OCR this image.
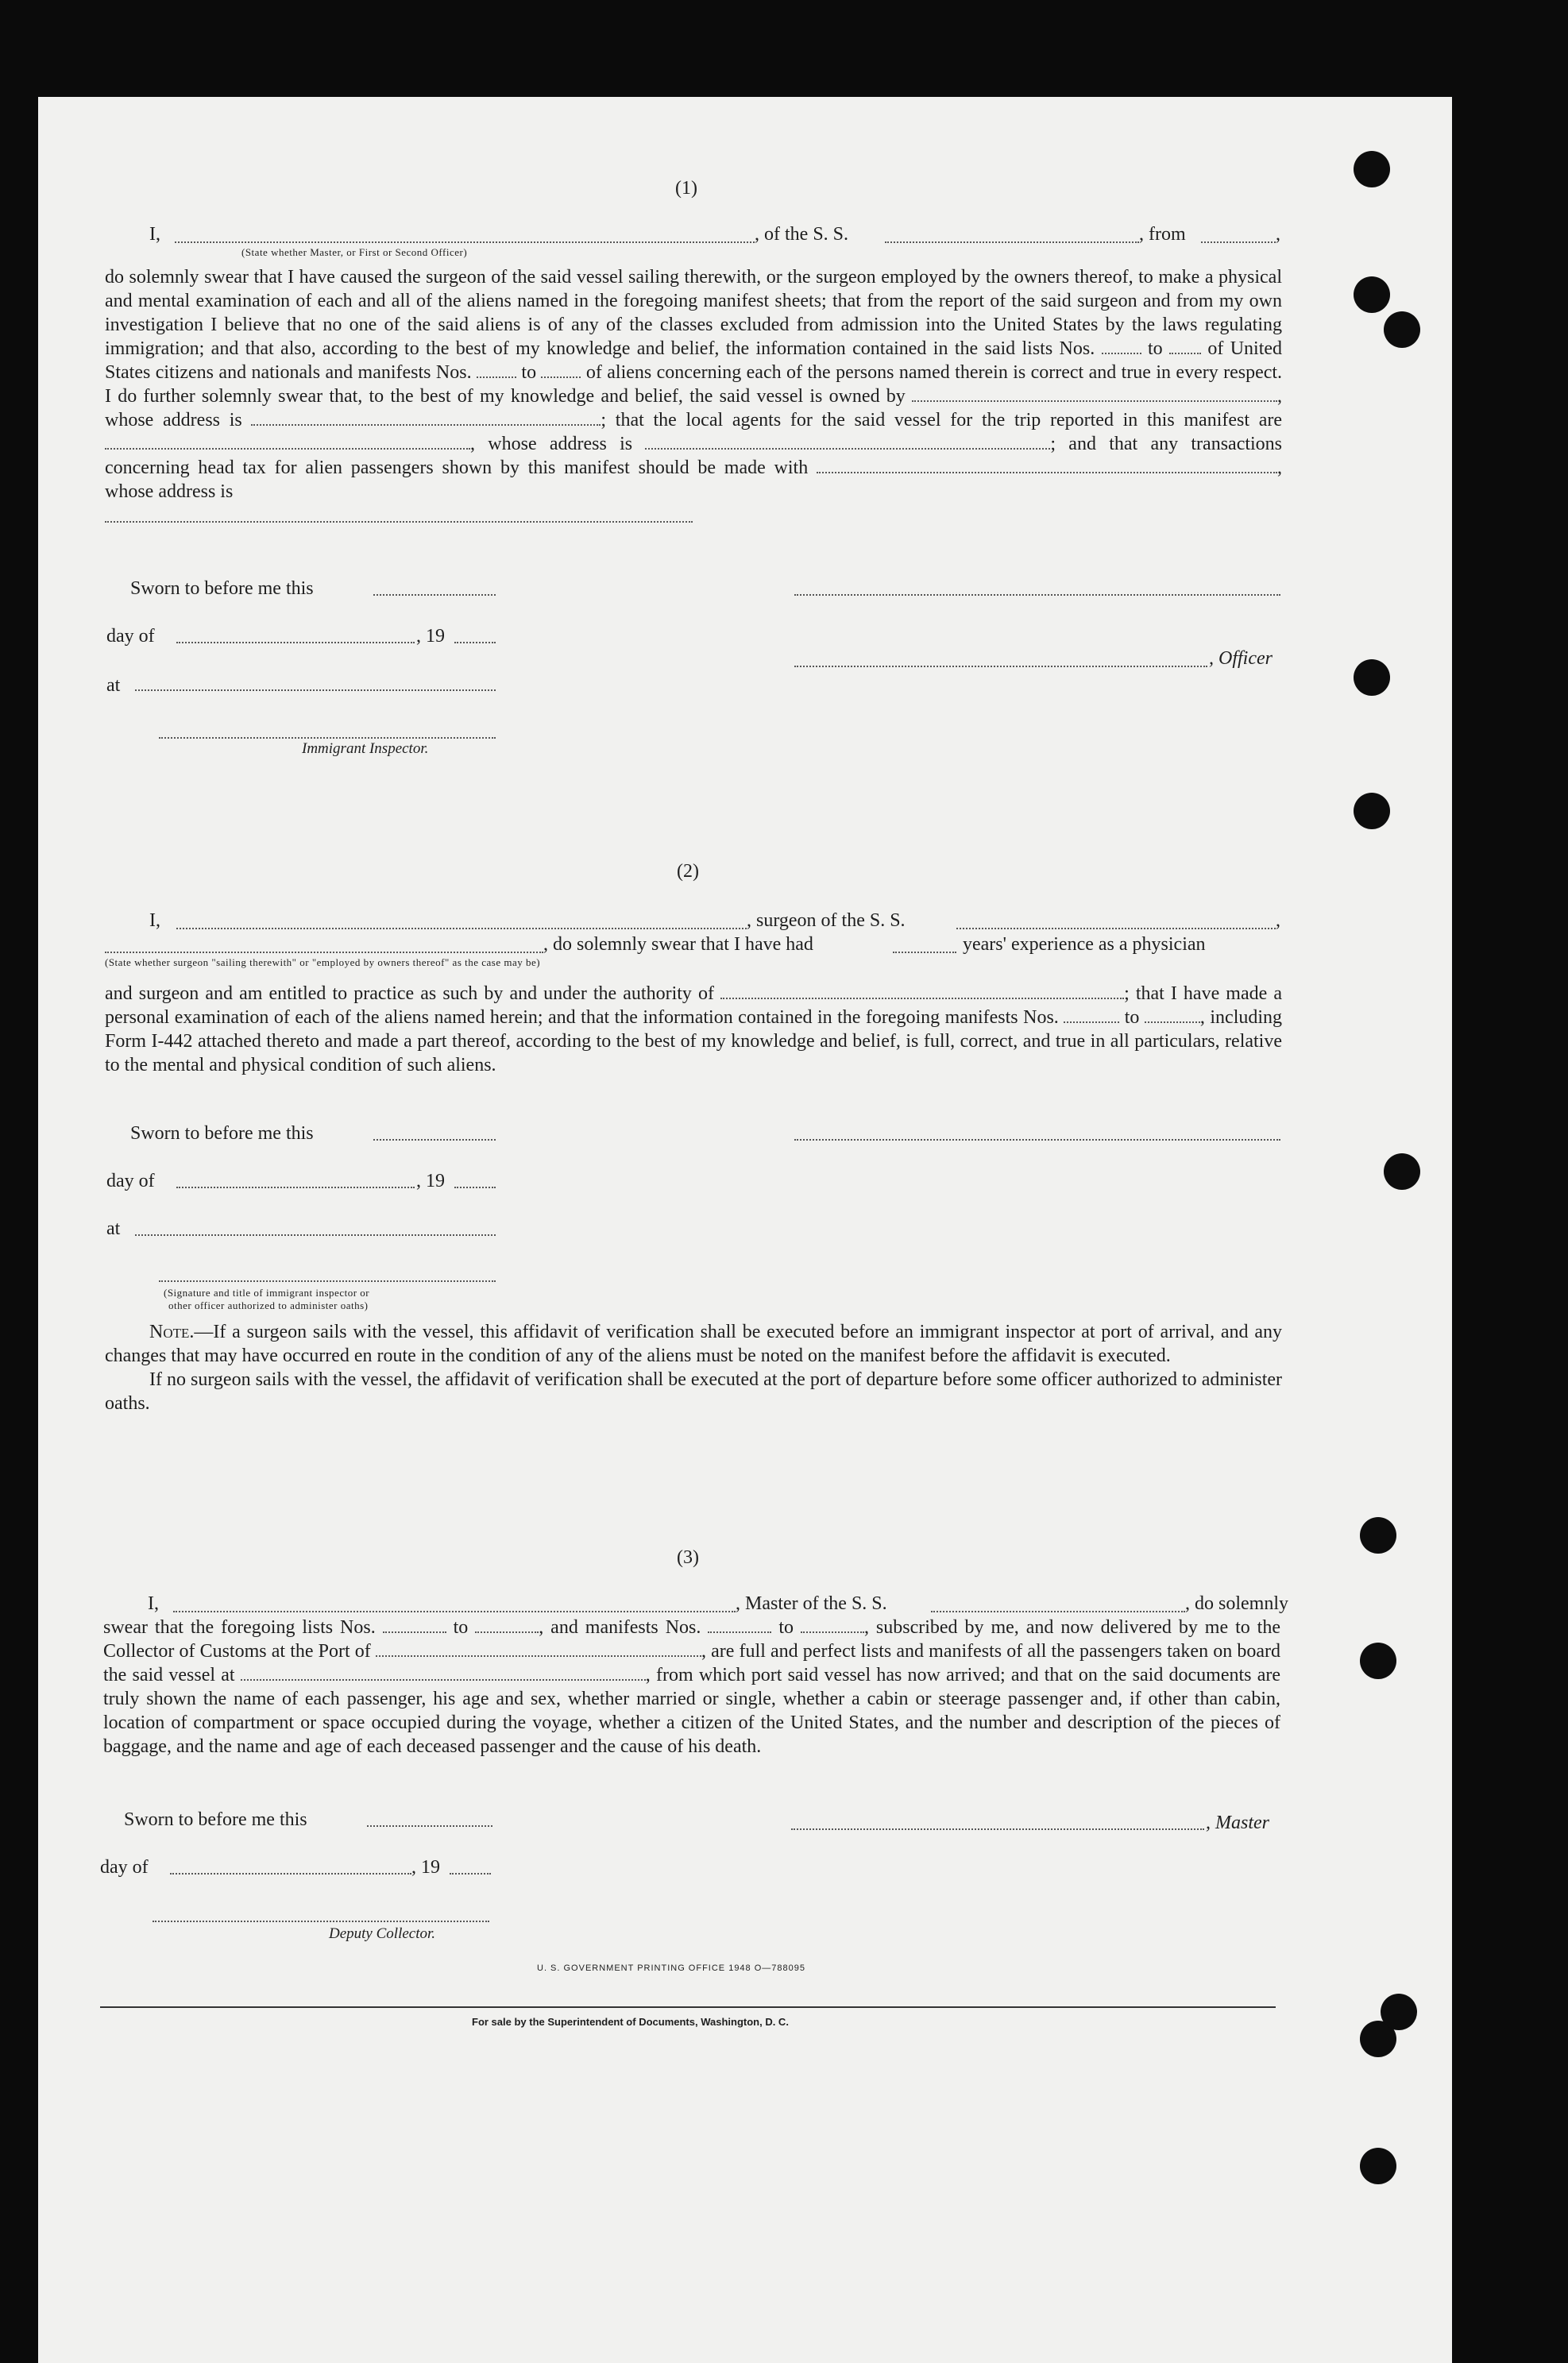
(1)
I,	, of the S. S.	, from	,
(State whether Master, or First or Second Officer)

do solemnly swear that I have caused the surgeon of the said vessel sailing therewith, or the surgeon employed by the owners thereof, to make a physical and mental examination of each and all of the aliens named in the foregoing manifest sheets; that from the report of the said surgeon and from my own investigation I believe that no one of the said aliens is of any of the classes excluded from admission into the United States by the laws regulating immigration; and that also, according to the best of my knowledge and belief, the information contained in the said lists Nos.	to of United States citizens and nationals and manifests Nos.	to	of aliens concerning each of the persons named therein is correct and true in every respect. I do further solemnly swear that, to the best of my knowledge and belief, the said vessel is owned by	, whose address is	; that the local agents for the said vessel for the trip reported in this manifest are , whose address is	; and that any transactions concerning head tax for alien passengers shown by this manifest should be made with	, whose address is

Sworn to before me this
day of	, 19
, Officer
at
Immigrant Inspector.
(2)
I,	, surgeon of the S. S.	,
, do solemnly swear that I have had	years' experience as a physician
(State whether surgeon "sailing therewith" or "employed by owners thereof" as the case may be)

and surgeon and am entitled to practice as such by and under the authority of	; that I have made a personal examination of each of the aliens named herein; and that the information contained in the foregoing manifests Nos.	to	, including Form I-442 attached thereto and made a part thereof, according to the best of my knowledge and belief, is full, correct, and true in all particulars, relative to the mental and physical condition of such aliens.

Sworn to before me this
day of	, 19
at
(Signature and title of immigrant inspector or
other officer authorized to administer oaths)

Note.—If a surgeon sails with the vessel, this affidavit of verification shall be executed before an immigrant inspector at port of arrival, and any changes that may have occurred en route in the condition of any of the aliens must be noted on the manifest before the affidavit is executed.

If no surgeon sails with the vessel, the affidavit of verification shall be executed at the port of departure before some officer authorized to administer oaths.

(3)
I,	, Master of the S. S.	, do solemnly

swear that the foregoing lists Nos.	to	, and manifests Nos.	to	, subscribed by me, and now delivered by me to the Collector of Customs at the Port of	, are full and perfect lists and manifests of all the passengers taken on board the said vessel at	, from which port said vessel has now arrived; and that on the said documents are truly shown the name of each passenger, his age and sex, whether married or single, whether a cabin or steerage passenger and, if other than cabin, location of compartment or space occupied during the voyage, whether a citizen of the United States, and the number and description of the pieces of baggage, and the name and age of each deceased passenger and the cause of his death.

Sworn to before me this	, Master
day of	, 19
Deputy Collector.
U. S. GOVERNMENT PRINTING OFFICE 1948 O—788095
For sale by the Superintendent of Documents, Washington, D. C.
